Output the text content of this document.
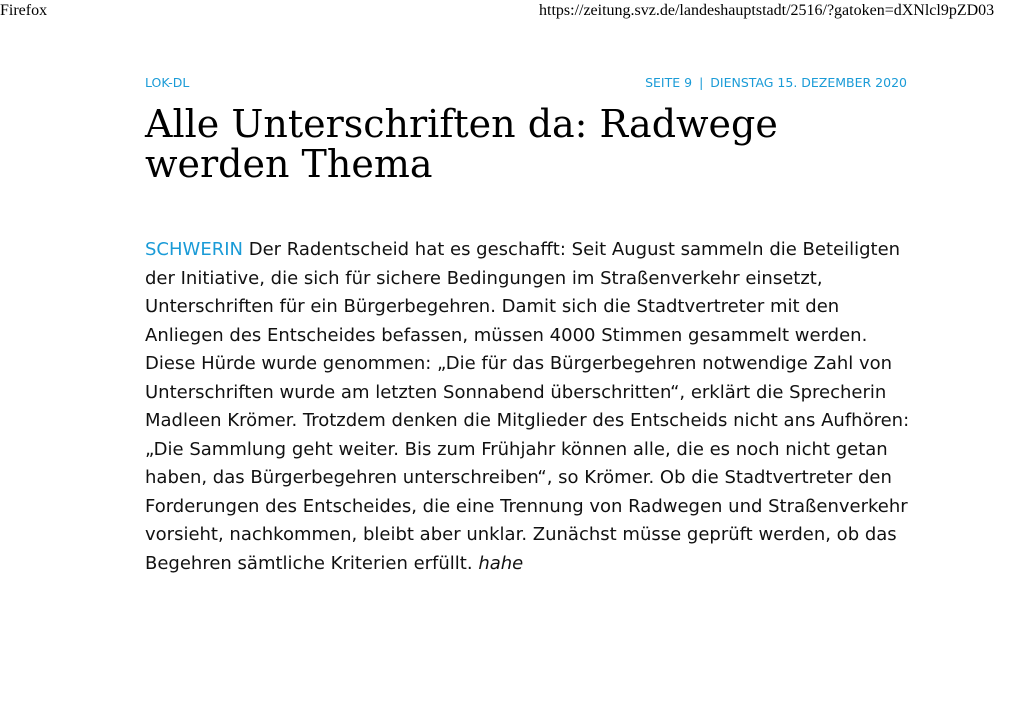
Firefox	https://zeitung.svz.de/landeshauptstadt/2516/?gatoken=dXNlcl9pZD03
LOK-DL	SEITE 9 | DIENSTAG 15. DEZEMBER 2020
Alle Unterschriften da: Radwege werden Thema

SCHWERIN Der Radentscheid hat es geschafft: Seit August sammeln die Beteiligten der Initiative, die sich für sichere Bedingungen im Straßenverkehr einsetzt, Unterschriften für ein Bürgerbegehren. Damit sich die Stadtvertreter mit den Anliegen des Entscheides befassen, müssen 4000 Stimmen gesammelt werden. Diese Hürde wurde genommen: „Die für das Bürgerbegehren notwendige Zahl von Unterschriften wurde am letzten Sonnabend überschritten“, erklärt die Sprecherin Madleen Krömer. Trotzdem denken die Mitglieder des Entscheids nicht ans Aufhören: „Die Sammlung geht weiter. Bis zum Frühjahr können alle, die es noch nicht getan haben, das Bürgerbegehren unterschreiben“, so Krömer. Ob die Stadtvertreter den Forderungen des Entscheides, die eine Trennung von Radwegen und Straßenverkehr vorsieht, nachkommen, bleibt aber unklar. Zunächst müsse geprüft werden, ob das Begehren sämtliche Kriterien erfüllt. hahe
